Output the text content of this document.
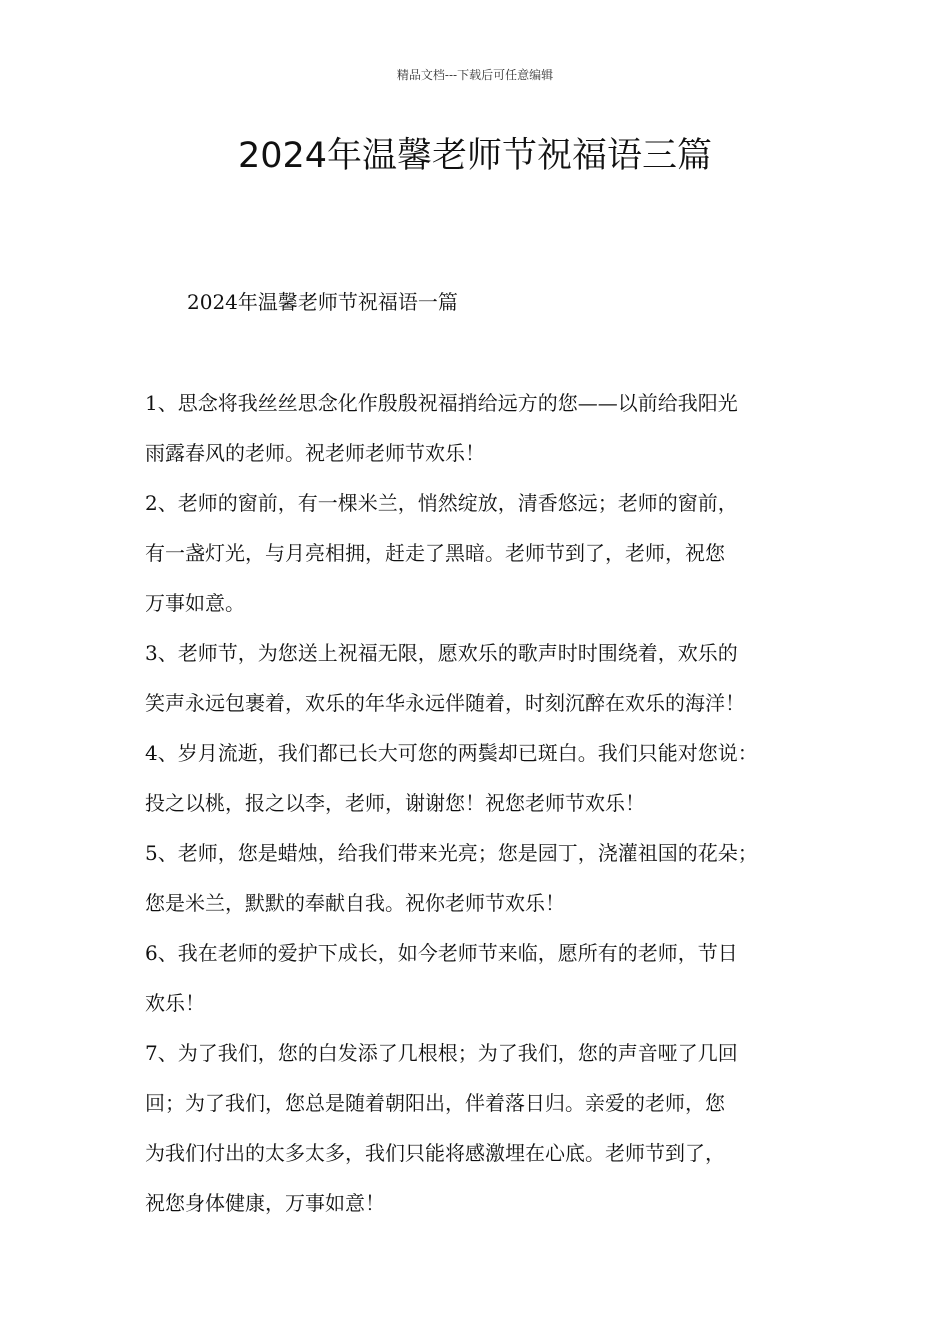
精品文档---下载后可任意编辑
2024年温馨老师节祝福语三篇
2024年温馨老师节祝福语一篇
1、思念将我丝丝思念化作殷殷祝福捎给远方的您——以前给我阳光
雨露春风的老师。祝老师老师节欢乐！
2、老师的窗前，有一棵米兰，悄然绽放，清香悠远；老师的窗前，
有一盏灯光，与月亮相拥，赶走了黑暗。老师节到了，老师，祝您
万事如意。
3、老师节，为您送上祝福无限，愿欢乐的歌声时时围绕着，欢乐的
笑声永远包裹着，欢乐的年华永远伴随着，时刻沉醉在欢乐的海洋！
4、岁月流逝，我们都已长大可您的两鬓却已斑白。我们只能对您说：
投之以桃，报之以李，老师，谢谢您！祝您老师节欢乐！
5、老师，您是蜡烛，给我们带来光亮；您是园丁，浇灌祖国的花朵；
您是米兰，默默的奉献自我。祝你老师节欢乐！
6、我在老师的爱护下成长，如今老师节来临，愿所有的老师，节日
欢乐！
7、为了我们，您的白发添了几根根；为了我们，您的声音哑了几回
回；为了我们，您总是随着朝阳出，伴着落日归。亲爱的老师，您
为我们付出的太多太多，我们只能将感激埋在心底。老师节到了，
祝您身体健康，万事如意！
